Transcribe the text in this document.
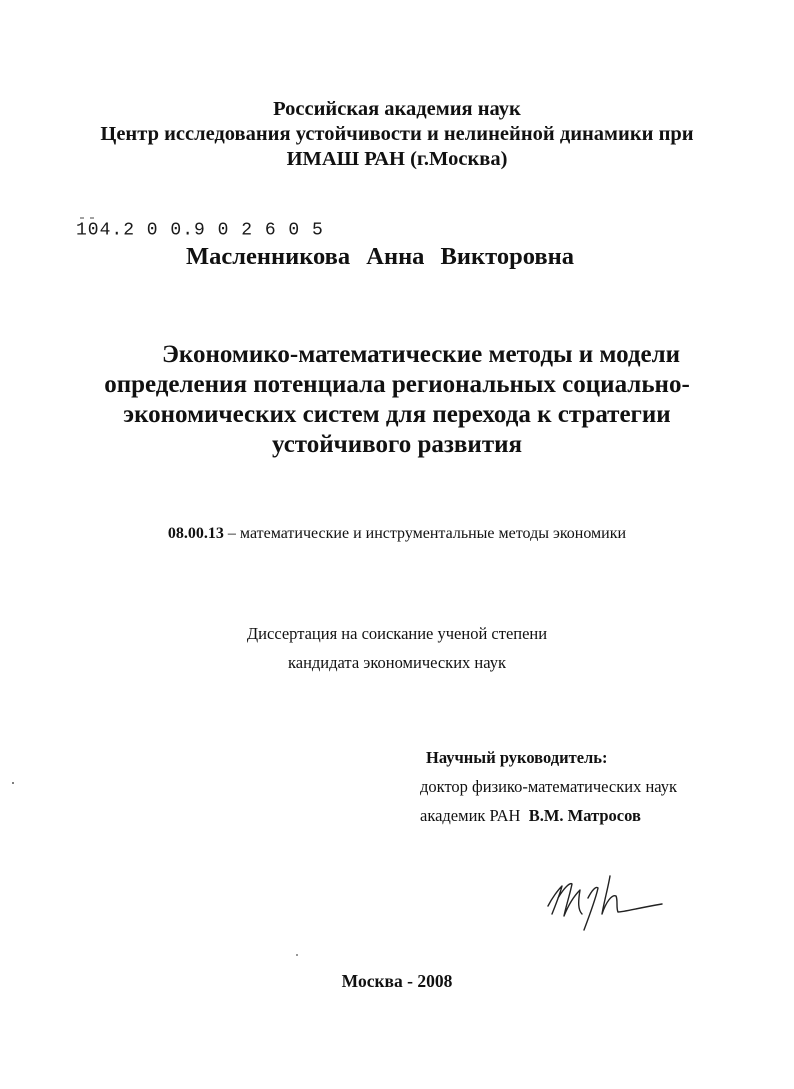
Российская академия наук
Центр исследования устойчивости и нелинейной динамики при
ИМАШ РАН (г.Москва)
104.2 0 0.9 0 2 6 0 5
Масленникова Анна Викторовна
Экономико-математические методы и модели
определения потенциала региональных социально-
экономических систем для перехода к стратегии
устойчивого развития
08.00.13 – математические и инструментальные методы экономики
Диссертация на соискание ученой степени
кандидата экономических наук
Научный руководитель:
доктор физико-математических наук
академик РАН В.М. Матросов
Москва - 2008
